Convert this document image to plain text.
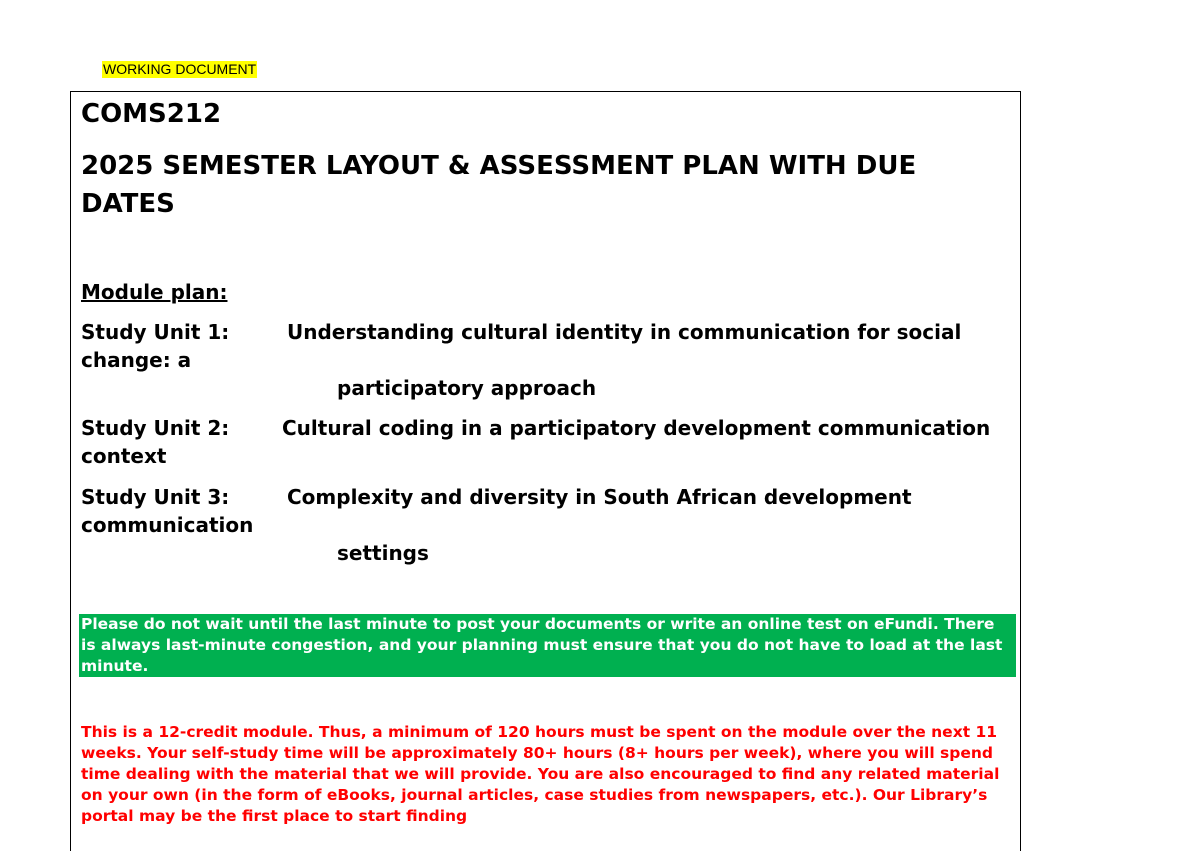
WORKING DOCUMENT
COMS212
2025 SEMESTER LAYOUT & ASSESSMENT PLAN WITH DUE DATES
Module plan:
Study Unit 1:	Understanding cultural identity in communication for social change: a
participatory approach
Study Unit 2:	Cultural coding in a participatory development communication context
Study Unit 3:	Complexity and diversity in South African development communication
settings
Please do not wait until the last minute to post your documents or write an online test on eFundi. There is always last-minute congestion, and your planning must ensure that you do not have to load at the last minute.
This is a 12-credit module. Thus, a minimum of 120 hours must be spent on the module over the next 11 weeks. Your self-study time will be approximately 80+ hours (8+ hours per week), where you will spend time dealing with the material that we will provide. You are also encouraged to find any related material on your own (in the form of eBooks, journal articles, case studies from newspapers, etc.). Our Library’s portal may be the first place to start finding
